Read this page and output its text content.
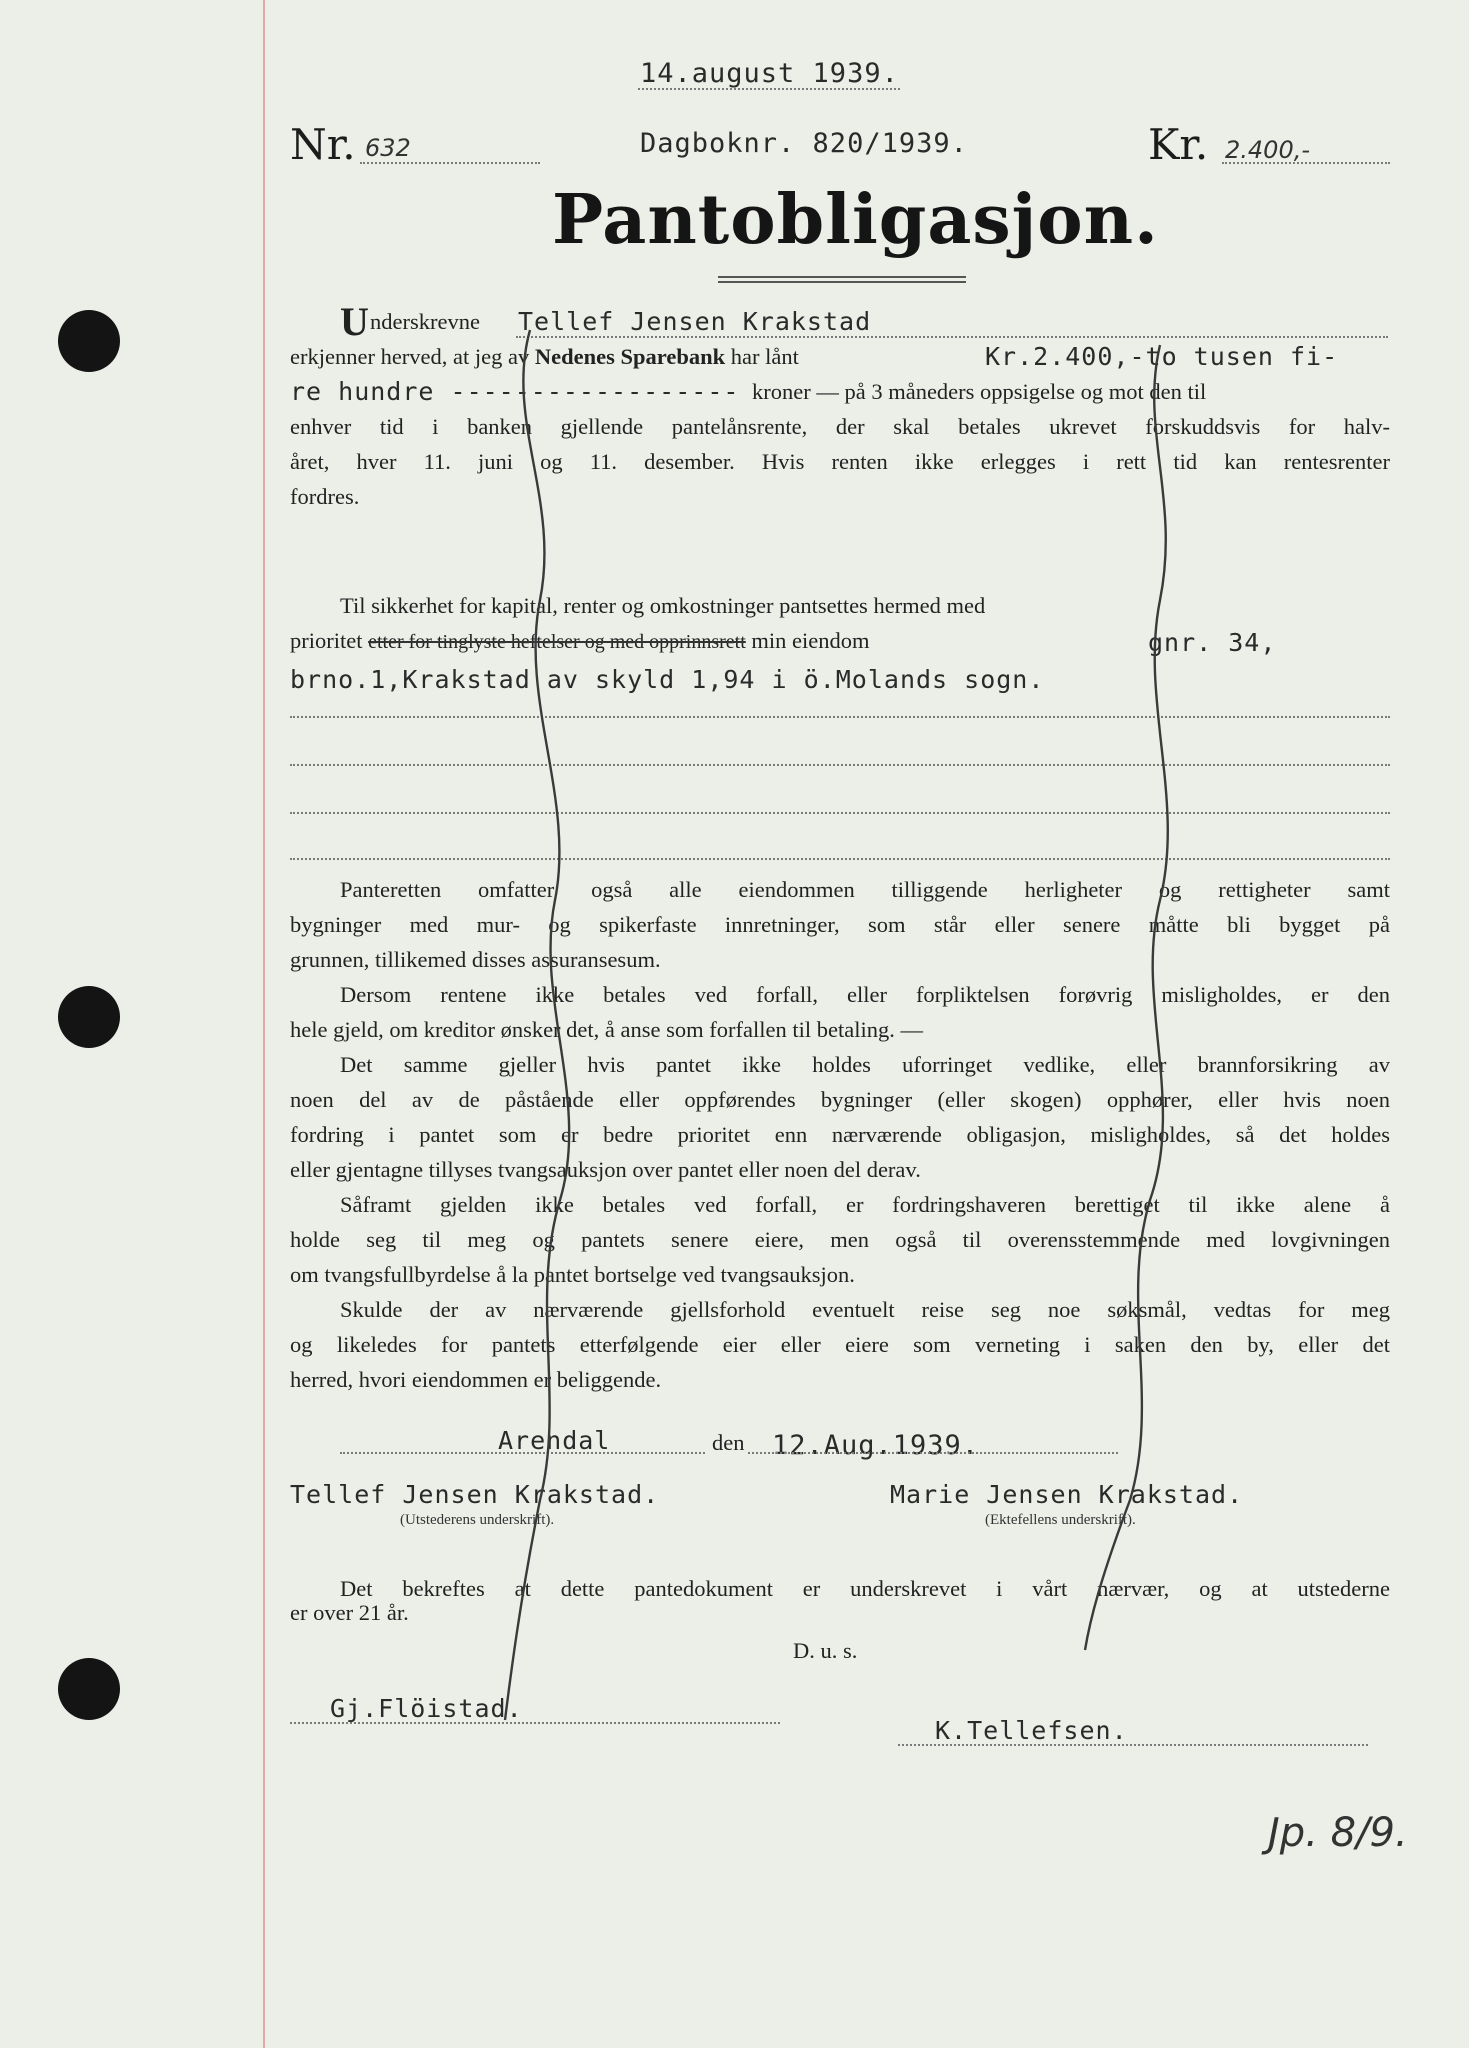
14.august 1939.
Nr. 632	Dagboknr. 820/1939.	Kr. 2.400,-
Pantobligasjon.
U nderskrevne Tellef Jensen Krakstad
erkjenner herved, at jeg av Nedenes Sparebank har lånt	Kr.2.400,-to tusen fi-
re hundre ------------------ kroner — på 3 måneders oppsigelse og mot den til
enhver tid i banken gjellende pantelånsrente, der skal betales ukrevet forskuddsvis for halv-
året, hver 11. juni og 11. desember. Hvis renten ikke erlegges i rett tid kan rentesrenter
fordres.
Til sikkerhet for kapital, renter og omkostninger pantsettes hermed med
prioritet etter for tinglyste heftelser og med opprinnsrett min eiendom	gnr. 34,
brno.1,Krakstad av skyld 1,94 i ö.Molands sogn.
Panteretten omfatter også alle eiendommen tilliggende herligheter og rettigheter samt
bygninger med mur- og spikerfaste innretninger, som står eller senere måtte bli bygget på
grunnen, tillikemed disses assuransesum.
Dersom rentene ikke betales ved forfall, eller forpliktelsen forøvrig misligholdes, er den
hele gjeld, om kreditor ønsker det, å anse som forfallen til betaling. —
Det samme gjeller hvis pantet ikke holdes uforringet vedlike, eller brannforsikring av
noen del av de påstående eller oppførendes bygninger (eller skogen) opphører, eller hvis noen
fordring i pantet som er bedre prioritet enn nærværende obligasjon, misligholdes, så det holdes
eller gjentagne tillyses tvangsauksjon over pantet eller noen del derav.
Såframt gjelden ikke betales ved forfall, er fordringshaveren berettiget til ikke alene å
holde seg til meg og pantets senere eiere, men også til overensstemmende med lovgivningen
om tvangsfullbyrdelse å la pantet bortselge ved tvangsauksjon.
Skulde der av nærværende gjellsforhold eventuelt reise seg noe søksmål, vedtas for meg
og likeledes for pantets etterfølgende eier eller eiere som verneting i saken den by, eller det
herred, hvori eiendommen er beliggende.
Arendal	den 12.Aug.1939.
Tellef Jensen Krakstad.
(Utstederens underskrift).
Marie Jensen Krakstad.
(Ektefellens underskrift).
Det bekreftes at dette pantedokument er underskrevet i vårt nærvær, og at utstederne
er over 21 år.
D. u. s.
Gj.Flöistad.
K.Tellefsen.
Jp. 8/9.
